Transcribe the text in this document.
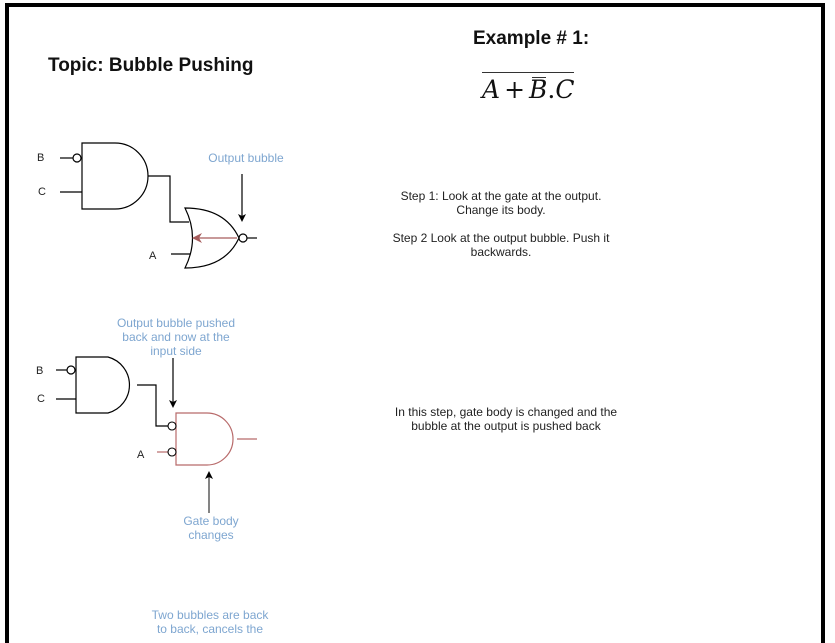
Topic: Bubble Pushing
Example # 1:
A + B.C
B
C
A
Output bubble
Step 1: Look at the gate at the output.
Change its body.
Step 2 Look at the output bubble. Push it
backwards.
Output bubble pushed
back and now at the
input side
B
C
A
Gate body
changes
In this step, gate body is changed and the
bubble at the output is pushed back
Two bubbles are back
to back, cancels the
